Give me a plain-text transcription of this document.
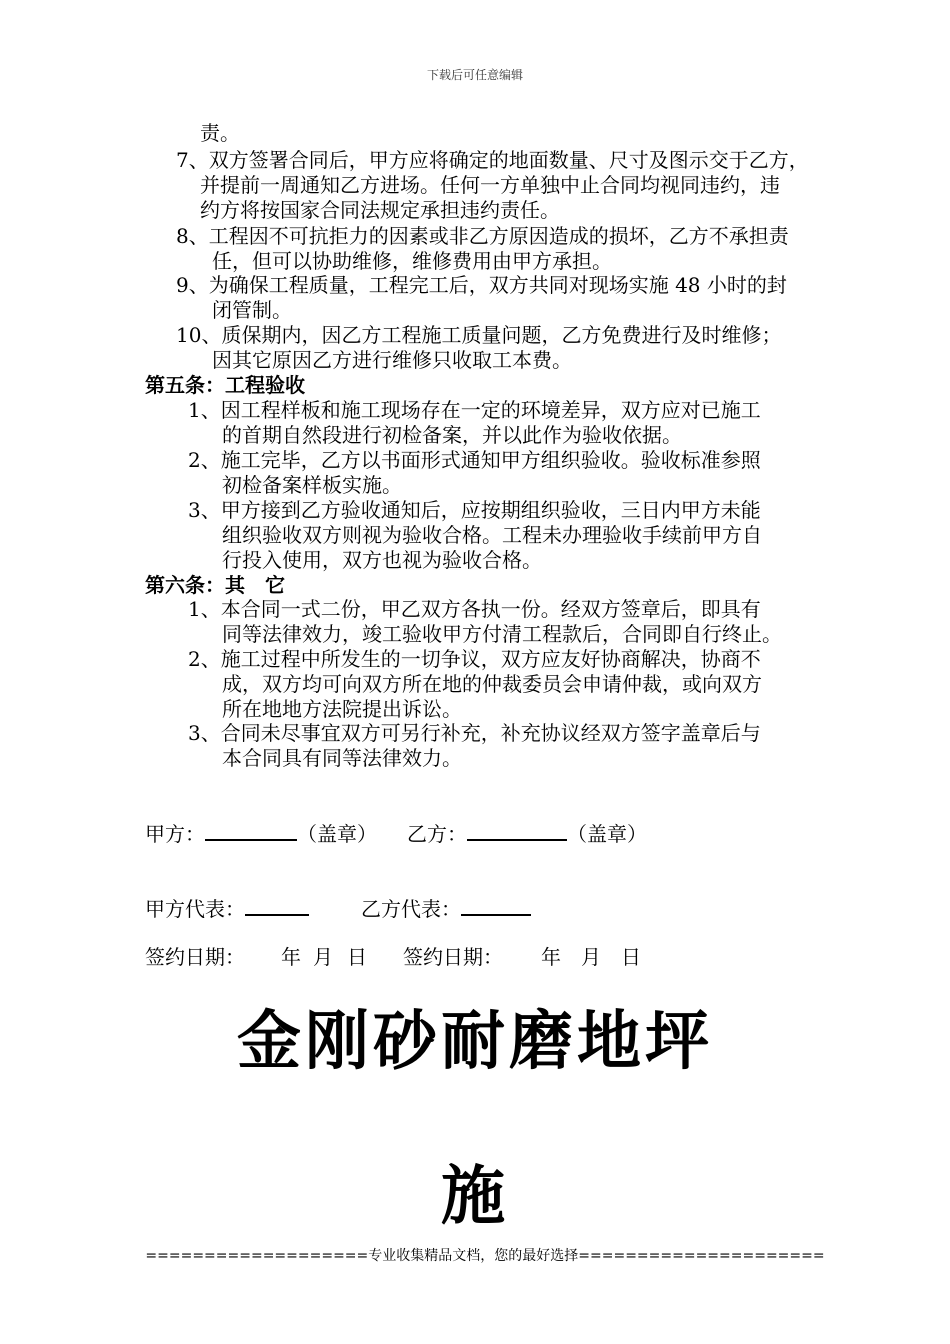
下载后可任意编辑
责。
7、双方签署合同后，甲方应将确定的地面数量、尺寸及图示交于乙方，
并提前一周通知乙方进场。任何一方单独中止合同均视同违约，违
约方将按国家合同法规定承担违约责任。
8、工程因不可抗拒力的因素或非乙方原因造成的损坏，乙方不承担责
任，但可以协助维修，维修费用由甲方承担。
9、为确保工程质量，工程完工后，双方共同对现场实施 48 小时的封
闭管制。
10、质保期内，因乙方工程施工质量问题，乙方免费进行及时维修；
因其它原因乙方进行维修只收取工本费。
第五条：工程验收
1、因工程样板和施工现场存在一定的环境差异，双方应对已施工
的首期自然段进行初检备案，并以此作为验收依据。
2、施工完毕，乙方以书面形式通知甲方组织验收。验收标准参照
初检备案样板实施。
3、甲方接到乙方验收通知后，应按期组织验收，三日内甲方未能
组织验收双方则视为验收合格。工程未办理验收手续前甲方自
行投入使用，双方也视为验收合格。
第六条：其　它
1、本合同一式二份，甲乙双方各执一份。经双方签章后，即具有
同等法律效力，竣工验收甲方付清工程款后，合同即自行终止。
2、施工过程中所发生的一切争议，双方应友好协商解决，协商不
成，双方均可向双方所在地的仲裁委员会申请仲裁，或向双方
所在地地方法院提出诉讼。
3、合同未尽事宜双方可另行补充，补充协议经双方签字盖章后与
本合同具有同等法律效力。
甲方：	（盖章） 乙方：	（盖章）
甲方代表：	乙方代表：
签约日期： 年 月 日 签约日期： 年 月 日
金刚砂耐磨地坪
施
===================专业收集精品文档，您的最好选择=====================
